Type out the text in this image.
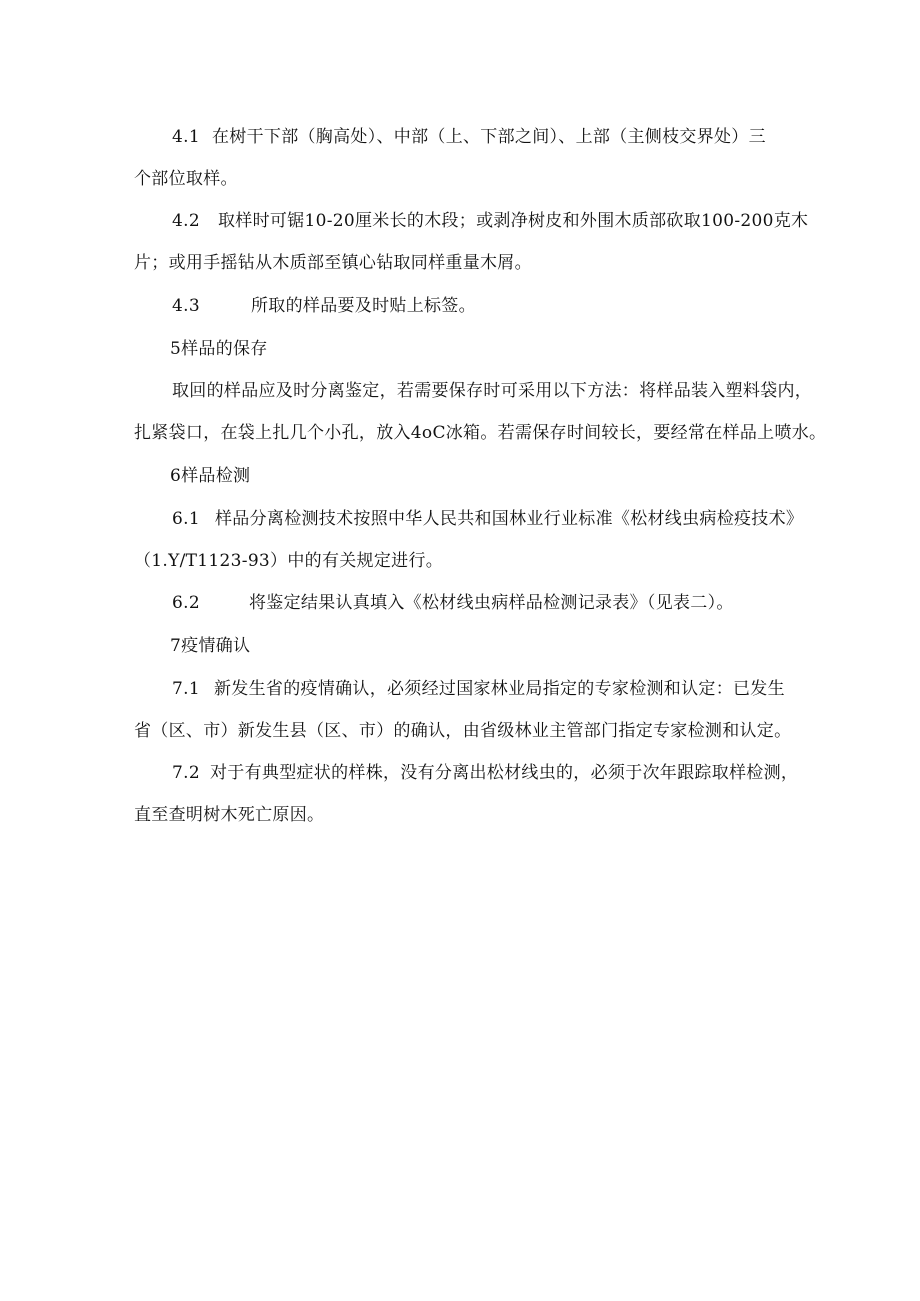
4.1 在树干下部（胸高处）、中部（上、下部之间）、上部（主侧枝交界处）三
个部位取样。
4.2 取样时可锯10-20厘米长的木段；或剥净树皮和外围木质部砍取100-200克木
片；或用手摇钻从木质部至镇心钻取同样重量木屑。
4.3	所取的样品要及时贴上标签。
5样品的保存
取回的样品应及时分离鉴定，若需要保存时可采用以下方法：将样品装入塑料袋内，
扎紧袋口，在袋上扎几个小孔，放入4oC冰箱。若需保存时间较长，要经常在样品上喷水。
6样品检测
6.1 样品分离检测技术按照中华人民共和国林业行业标准《松材线虫病检疫技术》
（1.Y/T1123-93）中的有关规定进行。
6.2	将鉴定结果认真填入《松材线虫病样品检测记录表》（见表二）。
7疫情确认
7.1 新发生省的疫情确认，必须经过国家林业局指定的专家检测和认定：已发生
省（区、市）新发生县（区、市）的确认，由省级林业主管部门指定专家检测和认定。
7.2 对于有典型症状的样株，没有分离出松材线虫的，必须于次年跟踪取样检测，
直至查明树木死亡原因。
